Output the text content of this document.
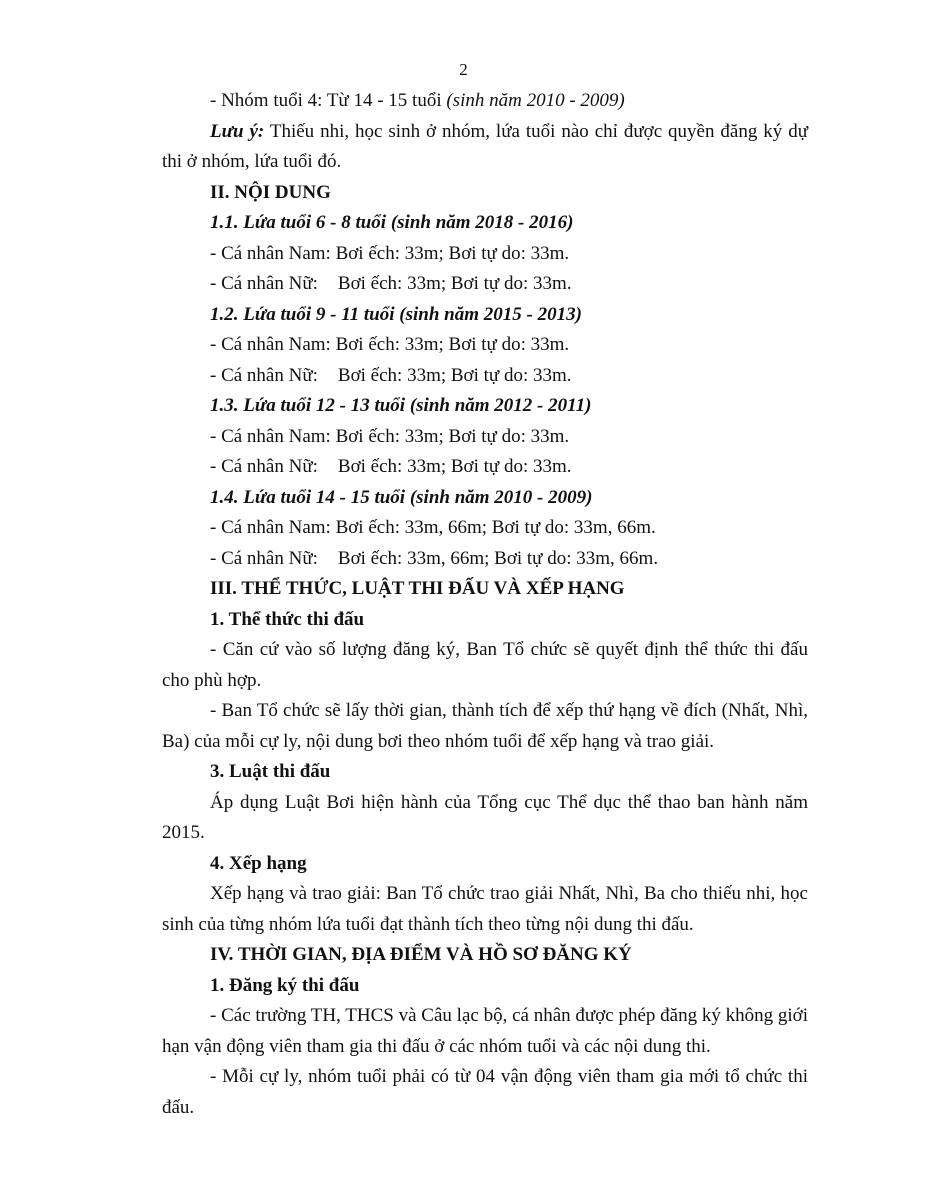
2

- Nhóm tuổi 4: Từ 14 - 15 tuổi (sinh năm 2010 - 2009)

Lưu ý: Thiếu nhi, học sinh ở nhóm, lứa tuổi nào chỉ được quyền đăng ký dự thi ở nhóm, lứa tuổi đó.

II. NỘI DUNG

1.1. Lứa tuổi 6 - 8 tuổi (sinh năm 2018 - 2016)

- Cá nhân Nam: Bơi ếch: 33m; Bơi tự do: 33m.

- Cá nhân Nữ: Bơi ếch: 33m; Bơi tự do: 33m.

1.2. Lứa tuổi 9 - 11 tuổi (sinh năm 2015 - 2013)

- Cá nhân Nam: Bơi ếch: 33m; Bơi tự do: 33m.

- Cá nhân Nữ: Bơi ếch: 33m; Bơi tự do: 33m.

1.3. Lứa tuổi 12 - 13 tuổi (sinh năm 2012 - 2011)

- Cá nhân Nam: Bơi ếch: 33m; Bơi tự do: 33m.

- Cá nhân Nữ: Bơi ếch: 33m; Bơi tự do: 33m.

1.4. Lứa tuổi 14 - 15 tuổi (sinh năm 2010 - 2009)

- Cá nhân Nam: Bơi ếch: 33m, 66m; Bơi tự do: 33m, 66m.

- Cá nhân Nữ: Bơi ếch: 33m, 66m; Bơi tự do: 33m, 66m.

III. THỂ THỨC, LUẬT THI ĐẤU VÀ XẾP HẠNG

1. Thể thức thi đấu

- Căn cứ vào số lượng đăng ký, Ban Tổ chức sẽ quyết định thể thức thi đấu cho phù hợp.

- Ban Tổ chức sẽ lấy thời gian, thành tích để xếp thứ hạng về đích (Nhất, Nhì, Ba) của mỗi cự ly, nội dung bơi theo nhóm tuổi để xếp hạng và trao giải.

3. Luật thi đấu

Áp dụng Luật Bơi hiện hành của Tổng cục Thể dục thể thao ban hành năm 2015.

4. Xếp hạng

Xếp hạng và trao giải: Ban Tổ chức trao giải Nhất, Nhì, Ba cho thiếu nhi, học sinh của từng nhóm lứa tuổi đạt thành tích theo từng nội dung thi đấu.

IV. THỜI GIAN, ĐỊA ĐIỂM VÀ HỒ SƠ ĐĂNG KÝ

1. Đăng ký thi đấu

- Các trường TH, THCS và Câu lạc bộ, cá nhân được phép đăng ký không giới hạn vận động viên tham gia thi đấu ở các nhóm tuổi và các nội dung thi.

- Mỗi cự ly, nhóm tuổi phải có từ 04 vận động viên tham gia mới tổ chức thi đấu.
